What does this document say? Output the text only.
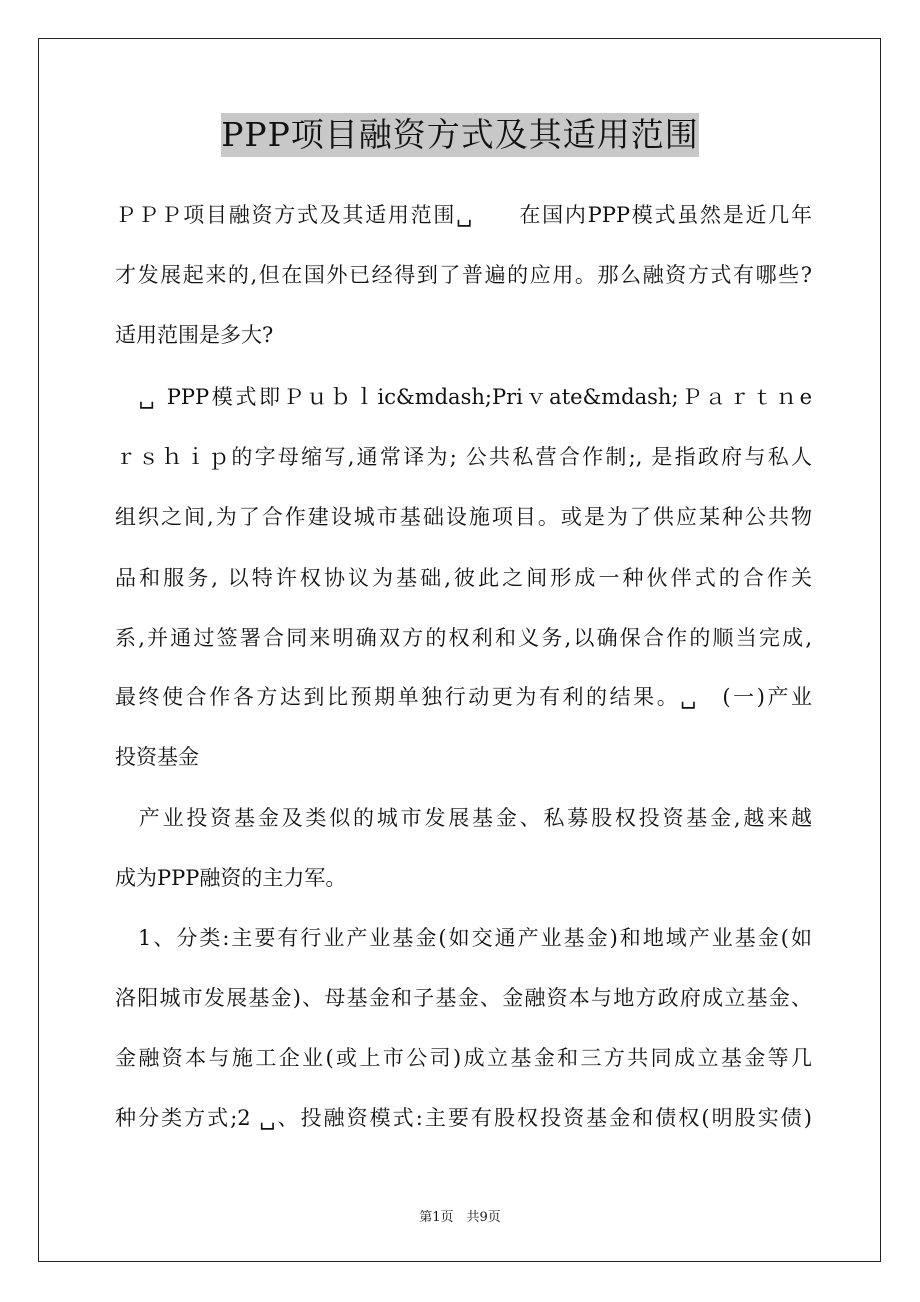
PPP项目融资方式及其适用范围
ＰＰＰ项目融资方式及其适用范围␣　　在国内PPP模式虽然是近几年
才发展起来的,但在国外已经得到了普遍的应用。那么融资方式有哪些?
适用范围是多大?
　␣ PPP模式即Ｐｕｂｌic&mdash;Priｖate&mdash;Ｐａｒｔｎe
ｒｓｈｉｐ的字母缩写,通常译为; 公共私营合作制;, 是指政府与私人
组织之间,为了合作建设城市基础设施项目。或是为了供应某种公共物
品和服务, 以特许权协议为基础,彼此之间形成一种伙伴式的合作关
系,并通过签署合同来明确双方的权利和义务,以确保合作的顺当完成,
最终使合作各方达到比预期单独行动更为有利的结果。␣　(一)产业
投资基金
　产业投资基金及类似的城市发展基金、私募股权投资基金,越来越
成为PPP融资的主力军。
　1、分类:主要有行业产业基金(如交通产业基金)和地域产业基金(如
洛阳城市发展基金)、母基金和子基金、金融资本与地方政府成立基金、
金融资本与施工企业(或上市公司)成立基金和三方共同成立基金等几
种分类方式;2 ␣、投融资模式:主要有股权投资基金和债权(明股实债)
第1页　共9页
